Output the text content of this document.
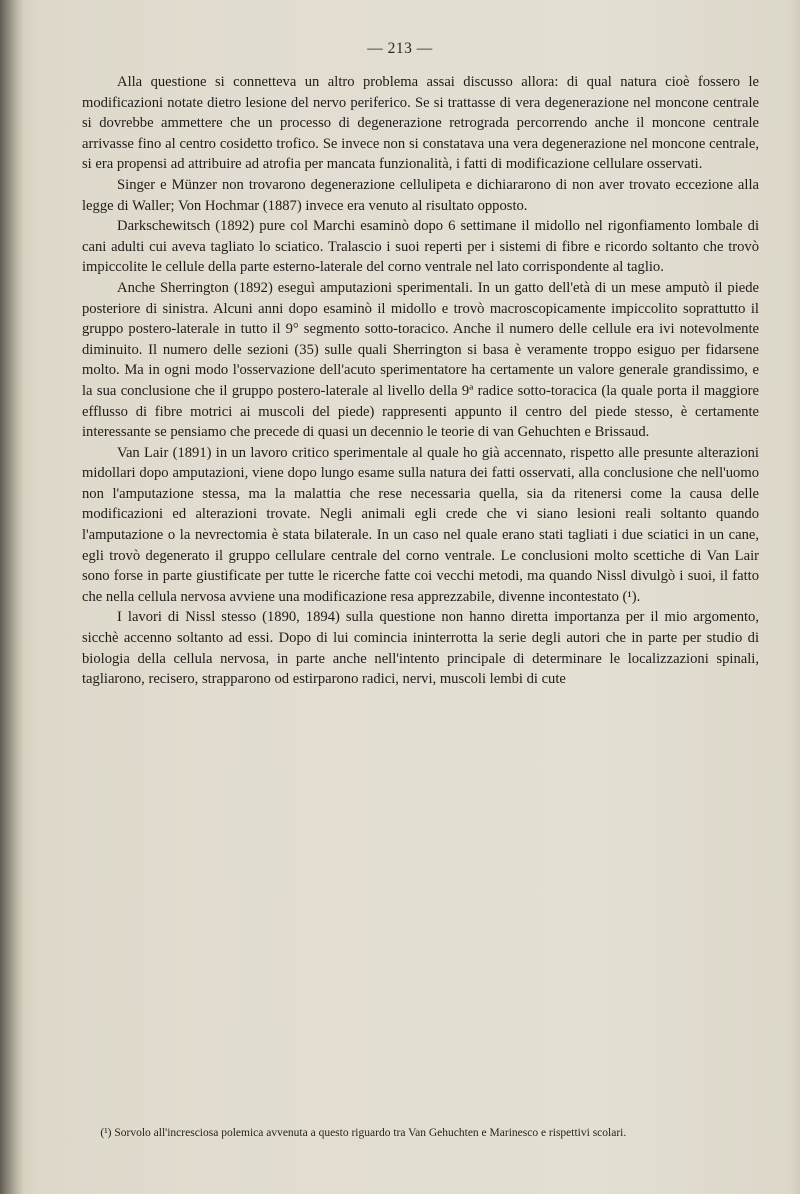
— 213 —

Alla questione si connetteva un altro problema assai discusso allora: di qual natura cioè fossero le modificazioni notate dietro lesione del nervo periferico. Se si trattasse di vera degenerazione nel moncone centrale si dovrebbe ammettere che un processo di degenerazione retrograda percorrendo anche il moncone centrale arrivasse fino al centro cosidetto trofico. Se invece non si constatava una vera degenerazione nel moncone centrale, si era propensi ad attribuire ad atrofia per mancata funzionalità, i fatti di modificazione cellulare osservati.

Singer e Münzer non trovarono degenerazione cellulipeta e dichiararono di non aver trovato eccezione alla legge di Waller; Von Hochmar (1887) invece era venuto al risultato opposto.

Darkschewitsch (1892) pure col Marchi esaminò dopo 6 settimane il midollo nel rigonfiamento lombale di cani adulti cui aveva tagliato lo sciatico. Tralascio i suoi reperti per i sistemi di fibre e ricordo soltanto che trovò impiccolite le cellule della parte esterno-laterale del corno ventrale nel lato corrispondente al taglio.

Anche Sherrington (1892) eseguì amputazioni sperimentali. In un gatto dell'età di un mese amputò il piede posteriore di sinistra. Alcuni anni dopo esaminò il midollo e trovò macroscopicamente impiccolito soprattutto il gruppo postero-laterale in tutto il 9° segmento sotto-toracico. Anche il numero delle cellule era ivi notevolmente diminuito. Il numero delle sezioni (35) sulle quali Sherrington si basa è veramente troppo esiguo per fidarsene molto. Ma in ogni modo l'osservazione dell'acuto sperimentatore ha certamente un valore generale grandissimo, e la sua conclusione che il gruppo postero-laterale al livello della 9ª radice sotto-toracica (la quale porta il maggiore efflusso di fibre motrici ai muscoli del piede) rappresenti appunto il centro del piede stesso, è certamente interessante se pensiamo che precede di quasi un decennio le teorie di van Gehuchten e Brissaud.

Van Lair (1891) in un lavoro critico sperimentale al quale ho già accennato, rispetto alle presunte alterazioni midollari dopo amputazioni, viene dopo lungo esame sulla natura dei fatti osservati, alla conclusione che nell'uomo non l'amputazione stessa, ma la malattia che rese necessaria quella, sia da ritenersi come la causa delle modificazioni ed alterazioni trovate. Negli animali egli crede che vi siano lesioni reali soltanto quando l'amputazione o la nevrectomia è stata bilaterale. In un caso nel quale erano stati tagliati i due sciatici in un cane, egli trovò degenerato il gruppo cellulare centrale del corno ventrale. Le conclusioni molto scettiche di Van Lair sono forse in parte giustificate per tutte le ricerche fatte coi vecchi metodi, ma quando Nissl divulgò i suoi, il fatto che nella cellula nervosa avviene una modificazione resa apprezzabile, divenne incontestato (¹).

I lavori di Nissl stesso (1890, 1894) sulla questione non hanno diretta importanza per il mio argomento, sicchè accenno soltanto ad essi. Dopo di lui comincia ininterrotta la serie degli autori che in parte per studio di biologia della cellula nervosa, in parte anche nell'intento principale di determinare le localizzazioni spinali, tagliarono, recisero, strapparono od estirparono radici, nervi, muscoli lembi di cute

(¹) Sorvolo all'incresciosa polemica avvenuta a questo riguardo tra Van Gehuchten e Marinesco e rispettivi scolari.
